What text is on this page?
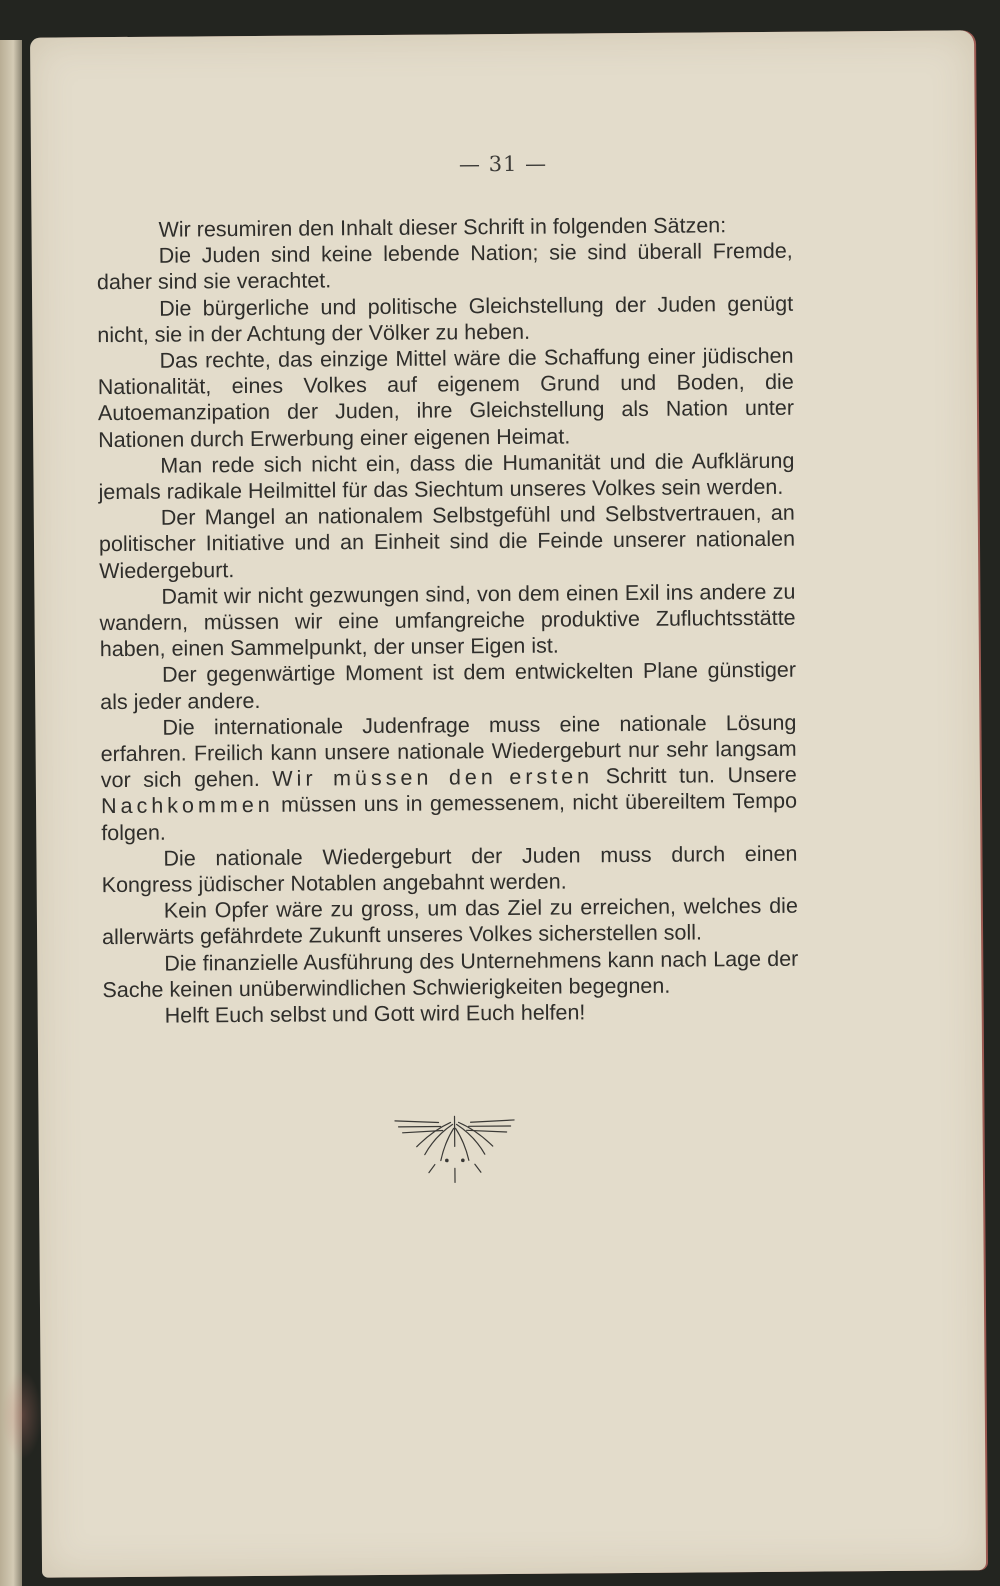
— 31 —

Wir resumiren den Inhalt dieser Schrift in folgenden Sätzen:

Die Juden sind keine lebende Nation; sie sind überall Fremde, daher sind sie verachtet.

Die bürgerliche und politische Gleichstellung der Juden genügt nicht, sie in der Achtung der Völker zu heben.

Das rechte, das einzige Mittel wäre die Schaffung einer jüdischen Nationalität, eines Volkes auf eigenem Grund und Boden, die Autoemanzipation der Juden, ihre Gleichstellung als Nation unter Nationen durch Erwerbung einer eigenen Heimat.

Man rede sich nicht ein, dass die Humanität und die Aufklärung jemals radikale Heilmittel für das Siechtum unseres Volkes sein werden.

Der Mangel an nationalem Selbstgefühl und Selbstvertrauen, an politischer Initiative und an Einheit sind die Feinde unserer nationalen Wiedergeburt.

Damit wir nicht gezwungen sind, von dem einen Exil ins andere zu wandern, müssen wir eine umfangreiche produktive Zufluchtsstätte haben, einen Sammelpunkt, der unser Eigen ist.

Der gegenwärtige Moment ist dem entwickelten Plane günstiger als jeder andere.

Die internationale Judenfrage muss eine nationale Lösung erfahren. Freilich kann unsere nationale Wiedergeburt nur sehr langsam vor sich gehen. Wir müssen den ersten Schritt tun. Unsere Nachkommen müssen uns in gemessenem, nicht übereiltem Tempo folgen.

Die nationale Wiedergeburt der Juden muss durch einen Kongress jüdischer Notablen angebahnt werden.

Kein Opfer wäre zu gross, um das Ziel zu erreichen, welches die allerwärts gefährdete Zukunft unseres Volkes sicherstellen soll.

Die finanzielle Ausführung des Unternehmens kann nach Lage der Sache keinen unüberwindlichen Schwierigkeiten begegnen.

Helft Euch selbst und Gott wird Euch helfen!
